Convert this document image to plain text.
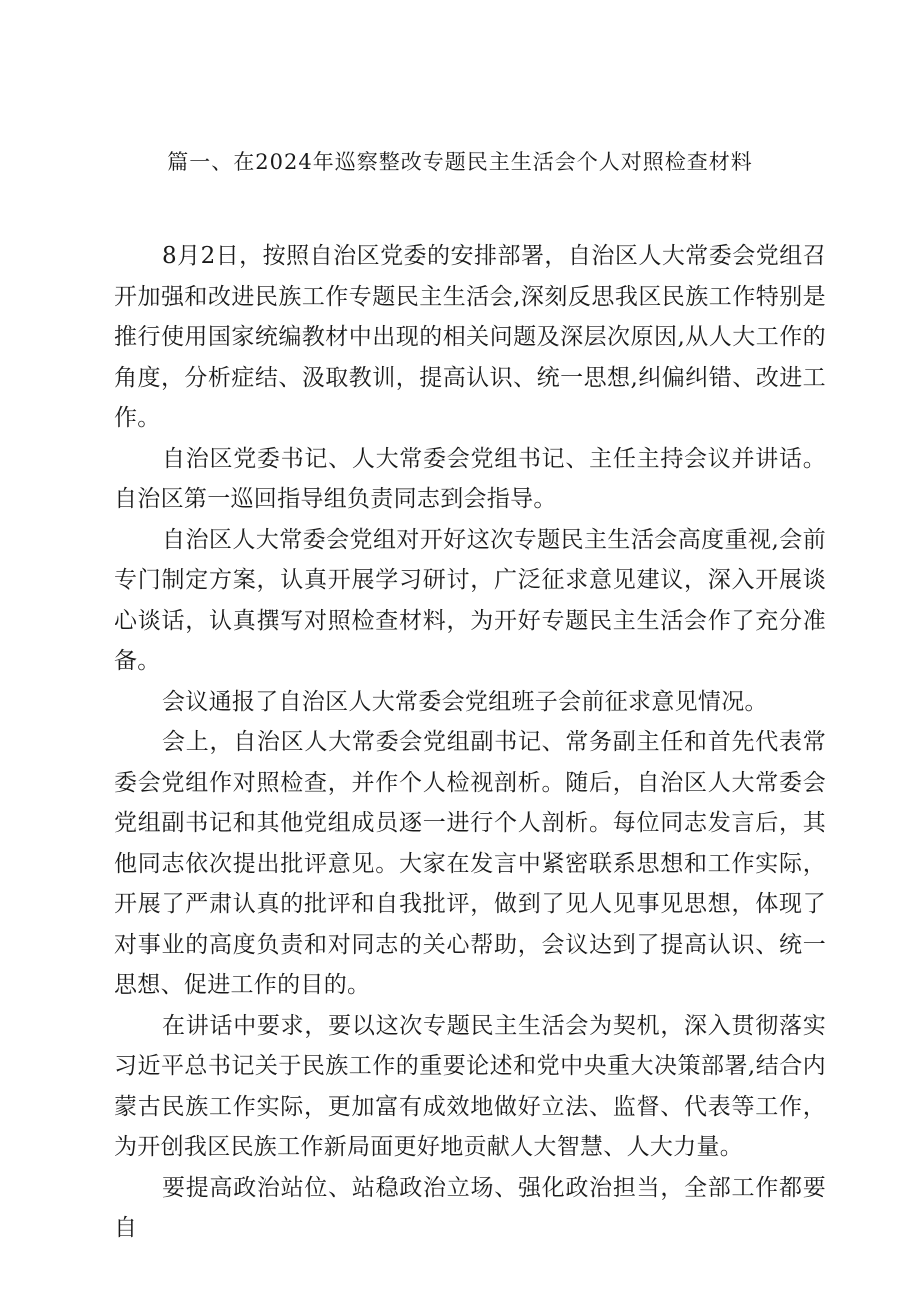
篇一、在2024年巡察整改专题民主生活会个人对照检查材料

8月2日，按照自治区党委的安排部署，自治区人大常委会党组召开加强和改进民族工作专题民主生活会,深刻反思我区民族工作特别是推行使用国家统编教材中出现的相关问题及深层次原因,从人大工作的角度，分析症结、汲取教训，提高认识、统一思想,纠偏纠错、改进工作。

自治区党委书记、人大常委会党组书记、主任主持会议并讲话。自治区第一巡回指导组负责同志到会指导。

自治区人大常委会党组对开好这次专题民主生活会高度重视,会前专门制定方案，认真开展学习研讨，广泛征求意见建议，深入开展谈心谈话，认真撰写对照检查材料，为开好专题民主生活会作了充分准备。

会议通报了自治区人大常委会党组班子会前征求意见情况。

会上，自治区人大常委会党组副书记、常务副主任和首先代表常委会党组作对照检查，并作个人检视剖析。随后，自治区人大常委会党组副书记和其他党组成员逐一进行个人剖析。每位同志发言后，其他同志依次提出批评意见。大家在发言中紧密联系思想和工作实际，开展了严肃认真的批评和自我批评，做到了见人见事见思想，体现了对事业的高度负责和对同志的关心帮助，会议达到了提高认识、统一思想、促进工作的目的。

在讲话中要求，要以这次专题民主生活会为契机，深入贯彻落实习近平总书记关于民族工作的重要论述和党中央重大决策部署,结合内蒙古民族工作实际，更加富有成效地做好立法、监督、代表等工作，为开创我区民族工作新局面更好地贡献人大智慧、人大力量。

要提高政治站位、站稳政治立场、强化政治担当，全部工作都要自
